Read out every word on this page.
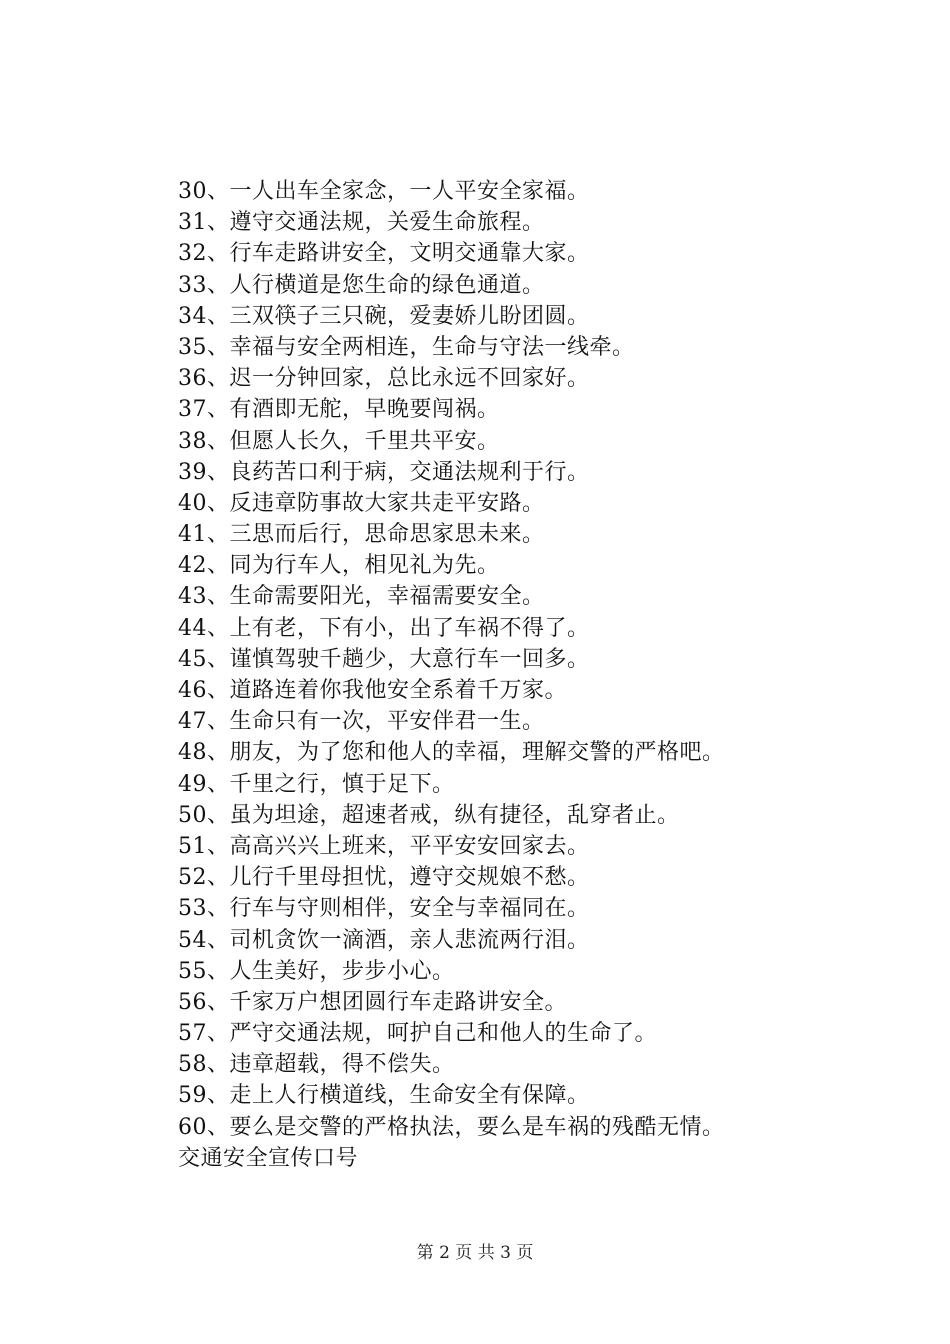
30、一人出车全家念，一人平安全家福。
31、遵守交通法规，关爱生命旅程。
32、行车走路讲安全，文明交通靠大家。
33、人行横道是您生命的绿色通道。
34、三双筷子三只碗，爱妻娇儿盼团圆。
35、幸福与安全两相连，生命与守法一线牵。
36、迟一分钟回家，总比永远不回家好。
37、有酒即无舵，早晚要闯祸。
38、但愿人长久，千里共平安。
39、良药苦口利于病，交通法规利于行。
40、反违章防事故大家共走平安路。
41、三思而后行，思命思家思未来。
42、同为行车人，相见礼为先。
43、生命需要阳光，幸福需要安全。
44、上有老，下有小，出了车祸不得了。
45、谨慎驾驶千趟少，大意行车一回多。
46、道路连着你我他安全系着千万家。
47、生命只有一次，平安伴君一生。
48、朋友，为了您和他人的幸福，理解交警的严格吧。
49、千里之行，慎于足下。
50、虽为坦途，超速者戒，纵有捷径，乱穿者止。
51、高高兴兴上班来，平平安安回家去。
52、儿行千里母担忧，遵守交规娘不愁。
53、行车与守则相伴，安全与幸福同在。
54、司机贪饮一滴酒，亲人悲流两行泪。
55、人生美好，步步小心。
56、千家万户想团圆行车走路讲安全。
57、严守交通法规，呵护自己和他人的生命了。
58、违章超载，得不偿失。
59、走上人行横道线，生命安全有保障。
60、要么是交警的严格执法，要么是车祸的残酷无情。
交通安全宣传口号
第 2 页 共 3 页
